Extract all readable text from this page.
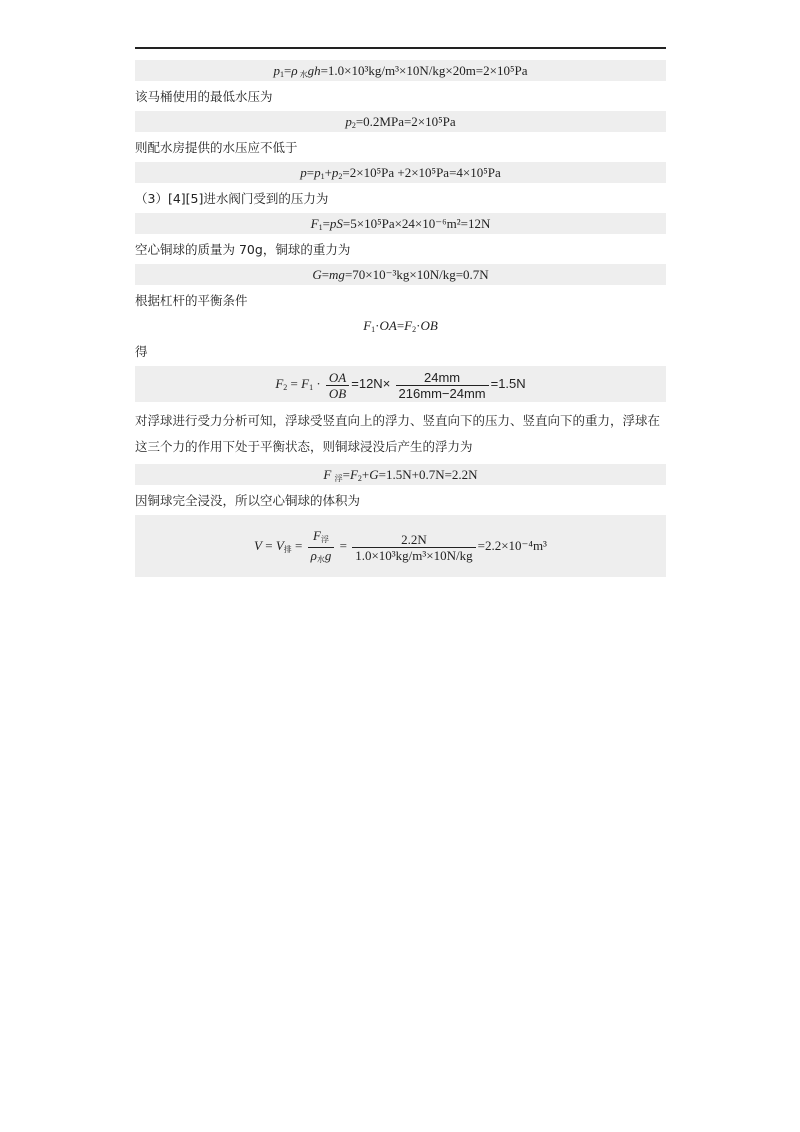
$p_1=\rho$ $_水$gh=1.0×10³kg/m³×10N/kg×20m=2×10⁵Pa
该马桶使用的最低水压为
$p_2=0.2MPa=2\times 10^5Pa$
则配水房提供的水压应不低于
$p=p_1+p_2=2\times 10^5Pa +2\times 10^5Pa=4\times 10^5Pa$
（3）[4][5]进水阀门受到的压力为
$F_1=pS=5\times 10^5Pa\times 24\times 10^{-6}m^2=12N$
空心铜球的质量为 70g，铜球的重力为
G=mg=70×10⁻³kg×10N/kg=0.7N
根据杠杆的平衡条件
$F_1\cdot OA=F_2\cdot OB$
得
$F_2 = F_1 \cdot \frac{OA}{OB} =12N\times \frac{24mm}{216mm-24mm} =1.5N$
对浮球进行受力分析可知，浮球受竖直向上的浮力、竖直向下的压力、竖直向下的重力，浮球在这三个力的作用下处于平衡状态，则铜球浸没后产生的浮力为
F $_浮=F_2+G=1.5N+0.7N=2.2N$
因铜球完全浸没，所以空心铜球的体积为
$V = V_排 = \frac{F_浮}{\rho_水g} = \frac{2.2N}{\text{1.0×10³kg/m³×10N/kg}} =2.2\times 10^{-4}m^3$
